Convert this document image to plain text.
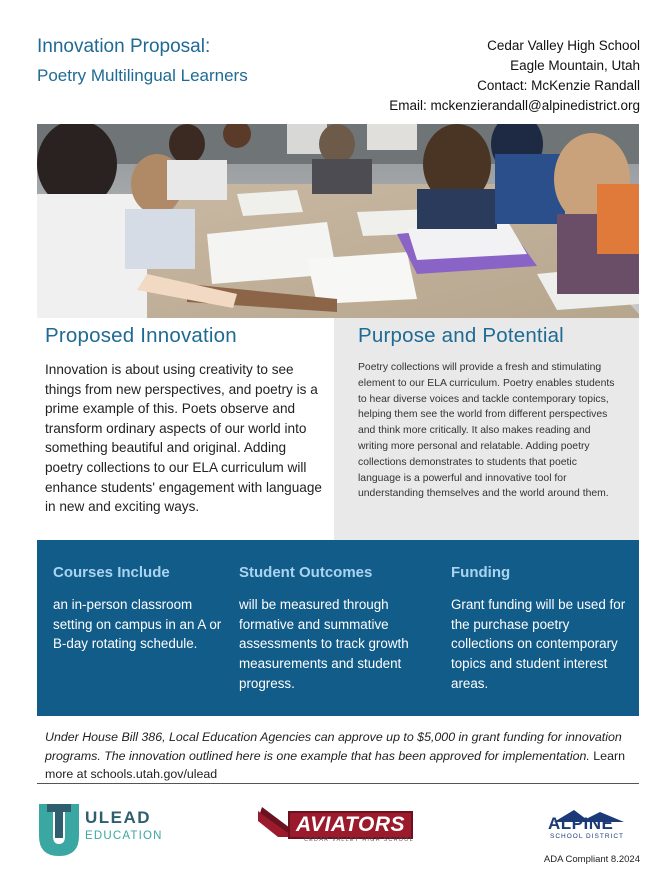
Innovation Proposal:
Poetry Multilingual Learners
Cedar Valley High School
Eagle Mountain, Utah
Contact: McKenzie Randall
Email: mckenzierandall@alpinedistrict.org
Proposed Innovation

Innovation is about using creativity to see things from new perspectives, and poetry is a prime example of this. Poets observe and transform ordinary aspects of our world into something beautiful and original. Adding poetry collections to our ELA curriculum will enhance students' engagement with language in new and exciting ways.

Purpose and Potential

Poetry collections will provide a fresh and stimulating element to our ELA curriculum. Poetry enables students to hear diverse voices and tackle contemporary topics, helping them see the world from different perspectives and think more critically. It also makes reading and writing more personal and relatable. Adding poetry collections demonstrates to students that poetic language is a powerful and innovative tool for understanding themselves and the world around them.

Courses Include

an in-person classroom setting on campus in an A or B-day rotating schedule.

Student Outcomes

will be measured through formative and summative assessments to track growth measurements and student progress.

Funding

Grant funding will be used for the purchase poetry collections on contemporary topics and student interest areas.

Under House Bill 386, Local Education Agencies can approve up to $5,000 in grant funding for innovation programs. The innovation outlined here is one example that has been approved for implementation. Learn more at schools.utah.gov/ulead
ULEAD
EDUCATION	AVIATORS
CEDAR VALLEY HIGH SCHOOL
ALPINE
SCHOOL DISTRICT
ADA Compliant 8.2024
